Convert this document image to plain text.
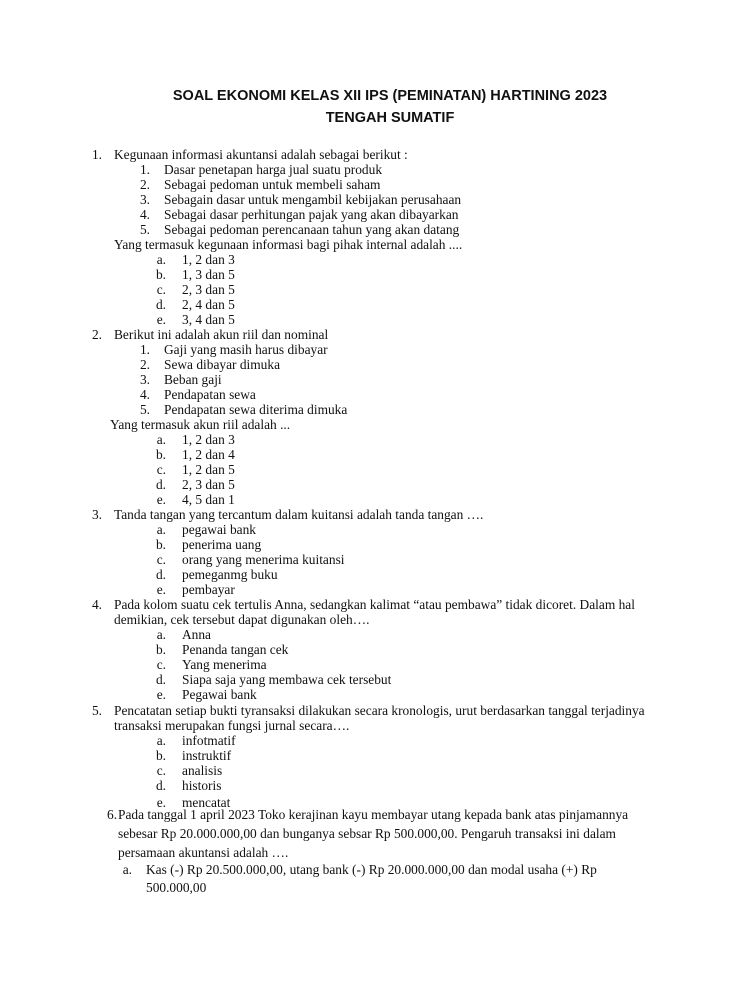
SOAL EKONOMI KELAS XII IPS (PEMINATAN) HARTINING 2023
TENGAH SUMATIF
1. Kegunaan informasi akuntansi adalah sebagai berikut :
1. Dasar penetapan harga jual suatu produk
2. Sebagai pedoman untuk membeli saham
3. Sebagain dasar untuk mengambil kebijakan perusahaan
4. Sebagai dasar perhitungan pajak yang akan dibayarkan
5. Sebagai pedoman perencanaan tahun yang akan datang
Yang termasuk kegunaan informasi bagi pihak internal adalah ....
a. 1, 2 dan 3
b. 1, 3 dan 5
c. 2, 3 dan 5
d. 2, 4 dan 5
e. 3, 4 dan 5
2. Berikut ini adalah akun riil dan nominal
1. Gaji yang masih harus dibayar
2. Sewa dibayar dimuka
3. Beban gaji
4. Pendapatan sewa
5. Pendapatan sewa diterima dimuka
Yang termasuk akun riil adalah ...
a. 1, 2 dan 3
b. 1, 2 dan 4
c. 1, 2 dan 5
d. 2, 3 dan 5
e. 4, 5 dan 1
3. Tanda tangan yang tercantum dalam kuitansi adalah tanda tangan ….
a. pegawai bank
b. penerima uang
c. orang yang menerima kuitansi
d. pemeganmg buku
e. pembayar
4. Pada kolom suatu cek tertulis Anna, sedangkan kalimat “atau pembawa” tidak dicoret. Dalam hal
demikian, cek tersebut dapat digunakan oleh….
a. Anna
b. Penanda tangan cek
c. Yang menerima
d. Siapa saja yang membawa cek tersebut
e. Pegawai bank
5. Pencatatan setiap bukti tyransaksi dilakukan secara kronologis, urut berdasarkan tanggal terjadinya
transaksi merupakan fungsi jurnal secara….
a. infotmatif
b. instruktif
c. analisis
d. historis
e. mencatat
6. Pada tanggal 1 april 2023 Toko kerajinan kayu membayar utang kepada bank atas pinjamannya
sebesar Rp 20.000.000,00 dan bunganya sebsar Rp 500.000,00. Pengaruh transaksi ini dalam
persamaan akuntansi adalah ….
a. Kas (-) Rp 20.500.000,00, utang bank (-) Rp 20.000.000,00 dan modal usaha (+) Rp
500.000,00
